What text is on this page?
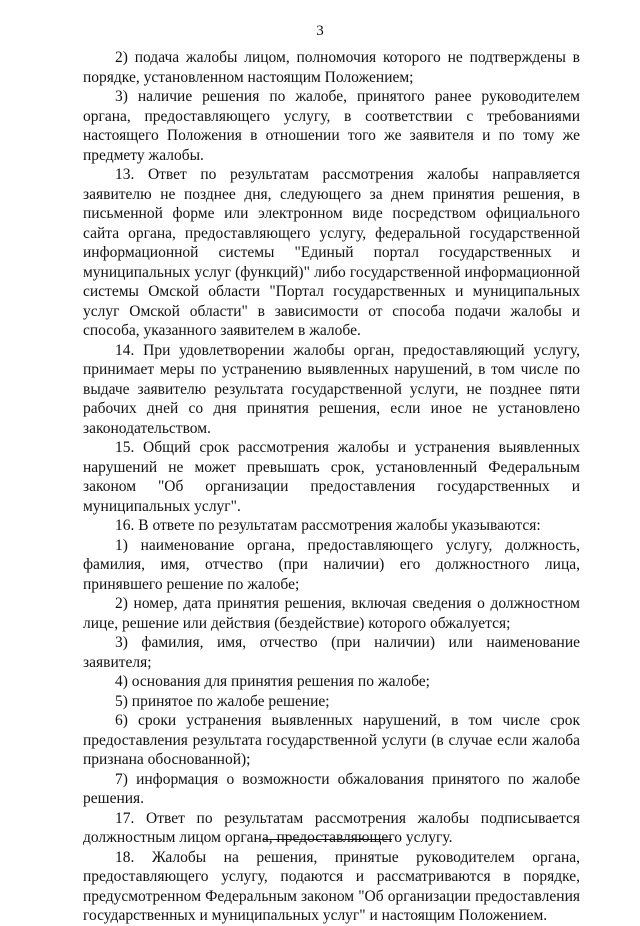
3

2) подача жалобы лицом, полномочия которого не подтверждены в порядке, установленном настоящим Положением;

3) наличие решения по жалобе, принятого ранее руководителем органа, предоставляющего услугу, в соответствии с требованиями настоящего Положения в отношении того же заявителя и по тому же предмету жалобы.

13. Ответ по результатам рассмотрения жалобы направляется заявителю не позднее дня, следующего за днем принятия решения, в письменной форме или электронном виде посредством официального сайта органа, предоставляющего услугу, федеральной государственной информационной системы "Единый портал государственных и муниципальных услуг (функций)" либо государственной информационной системы Омской области "Портал государственных и муниципальных услуг Омской области" в зависимости от способа подачи жалобы и способа, указанного заявителем в жалобе.

14. При удовлетворении жалобы орган, предоставляющий услугу, принимает меры по устранению выявленных нарушений, в том числе по выдаче заявителю результата государственной услуги, не позднее пяти рабочих дней со дня принятия решения, если иное не установлено законодательством.

15. Общий срок рассмотрения жалобы и устранения выявленных нарушений не может превышать срок, установленный Федеральным законом "Об организации предоставления государственных и муниципальных услуг".

16. В ответе по результатам рассмотрения жалобы указываются:

1) наименование органа, предоставляющего услугу, должность, фамилия, имя, отчество (при наличии) его должностного лица, принявшего решение по жалобе;

2) номер, дата принятия решения, включая сведения о должностном лице, решение или действия (бездействие) которого обжалуется;

3) фамилия, имя, отчество (при наличии) или наименование заявителя;

4) основания для принятия решения по жалобе;

5) принятое по жалобе решение;

6) сроки устранения выявленных нарушений, в том числе срок предоставления результата государственной услуги (в случае если жалоба признана обоснованной);

7) информация о возможности обжалования принятого по жалобе решения.

17. Ответ по результатам рассмотрения жалобы подписывается должностным лицом органа, предоставляющего услугу.

18. Жалобы на решения, принятые руководителем органа, предоставляющего услугу, подаются и рассматриваются в порядке, предусмотренном Федеральным законом "Об организации предоставления государственных и муниципальных услуг" и настоящим Положением.
